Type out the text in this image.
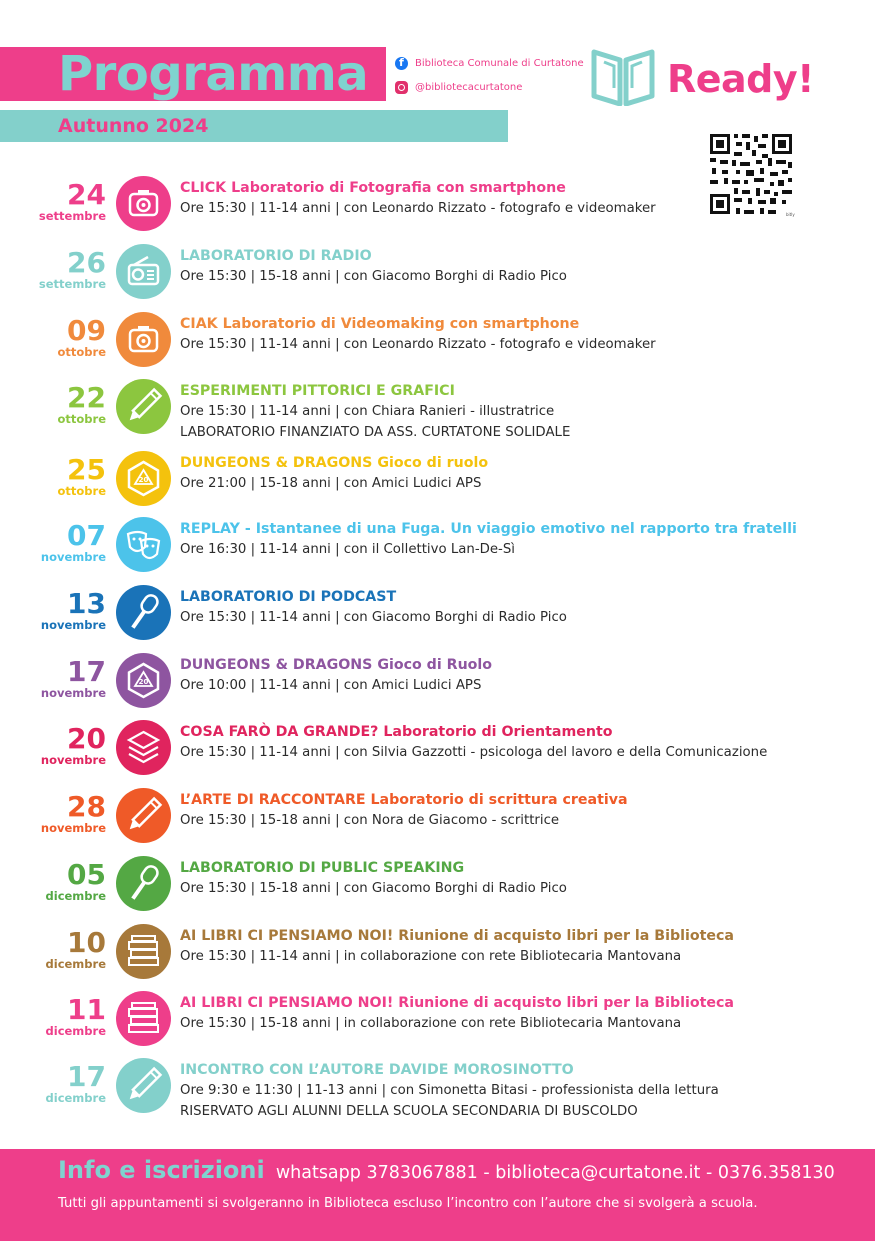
Programma
Autunno 2024
f
Biblioteca Comunale di Curtatone
@bibliotecacurtatone	Ready!
bitly
24
settembre
CLICK Laboratorio di Fotografia con smartphone
Ore 15:30 | 11-14 anni | con Leonardo Rizzato - fotografo e videomaker
26
settembre
LABORATORIO DI RADIO
Ore 15:30 | 15-18 anni | con Giacomo Borghi di Radio Pico
09
ottobre
CIAK Laboratorio di Videomaking con smartphone
Ore 15:30 | 11-14 anni | con Leonardo Rizzato - fotografo e videomaker
22
ottobre
ESPERIMENTI PITTORICI E GRAFICI
Ore 15:30 | 11-14 anni | con Chiara Ranieri - illustratrice
LABORATORIO FINANZIATO DA ASS. CURTATONE SOLIDALE
25
ottobre
20
DUNGEONS & DRAGONS Gioco di ruolo
Ore 21:00 | 15-18 anni | con Amici Ludici APS
07
novembre
REPLAY - Istantanee di una Fuga. Un viaggio emotivo nel rapporto tra fratelli
Ore 16:30 | 11-14 anni | con il Collettivo Lan-De-Sì
13
novembre
LABORATORIO DI PODCAST
Ore 15:30 | 11-14 anni | con Giacomo Borghi di Radio Pico
17
novembre
20
DUNGEONS & DRAGONS Gioco di Ruolo
Ore 10:00 | 11-14 anni | con Amici Ludici APS
20
novembre
COSA FARÒ DA GRANDE? Laboratorio di Orientamento
Ore 15:30 | 11-14 anni | con Silvia Gazzotti - psicologa del lavoro e della Comunicazione
28
novembre
L’ARTE DI RACCONTARE Laboratorio di scrittura creativa
Ore 15:30 | 15-18 anni | con Nora de Giacomo - scrittrice
05
dicembre
LABORATORIO DI PUBLIC SPEAKING
Ore 15:30 | 15-18 anni | con Giacomo Borghi di Radio Pico
10
dicembre
AI LIBRI CI PENSIAMO NOI! Riunione di acquisto libri per la Biblioteca
Ore 15:30 | 11-14 anni | in collaborazione con rete Bibliotecaria Mantovana
11
dicembre
AI LIBRI CI PENSIAMO NOI! Riunione di acquisto libri per la Biblioteca
Ore 15:30 | 15-18 anni | in collaborazione con rete Bibliotecaria Mantovana
17
dicembre
INCONTRO CON L’AUTORE DAVIDE MOROSINOTTO
Ore 9:30 e 11:30 | 11-13 anni | con Simonetta Bitasi - professionista della lettura
RISERVATO AGLI ALUNNI DELLA SCUOLA SECONDARIA DI BUSCOLDO
Info e iscrizioni whatsapp 3783067881 - biblioteca@curtatone.it - 0376.358130
Tutti gli appuntamenti si svolgeranno in Biblioteca escluso l’incontro con l’autore che si svolgerà a scuola.
